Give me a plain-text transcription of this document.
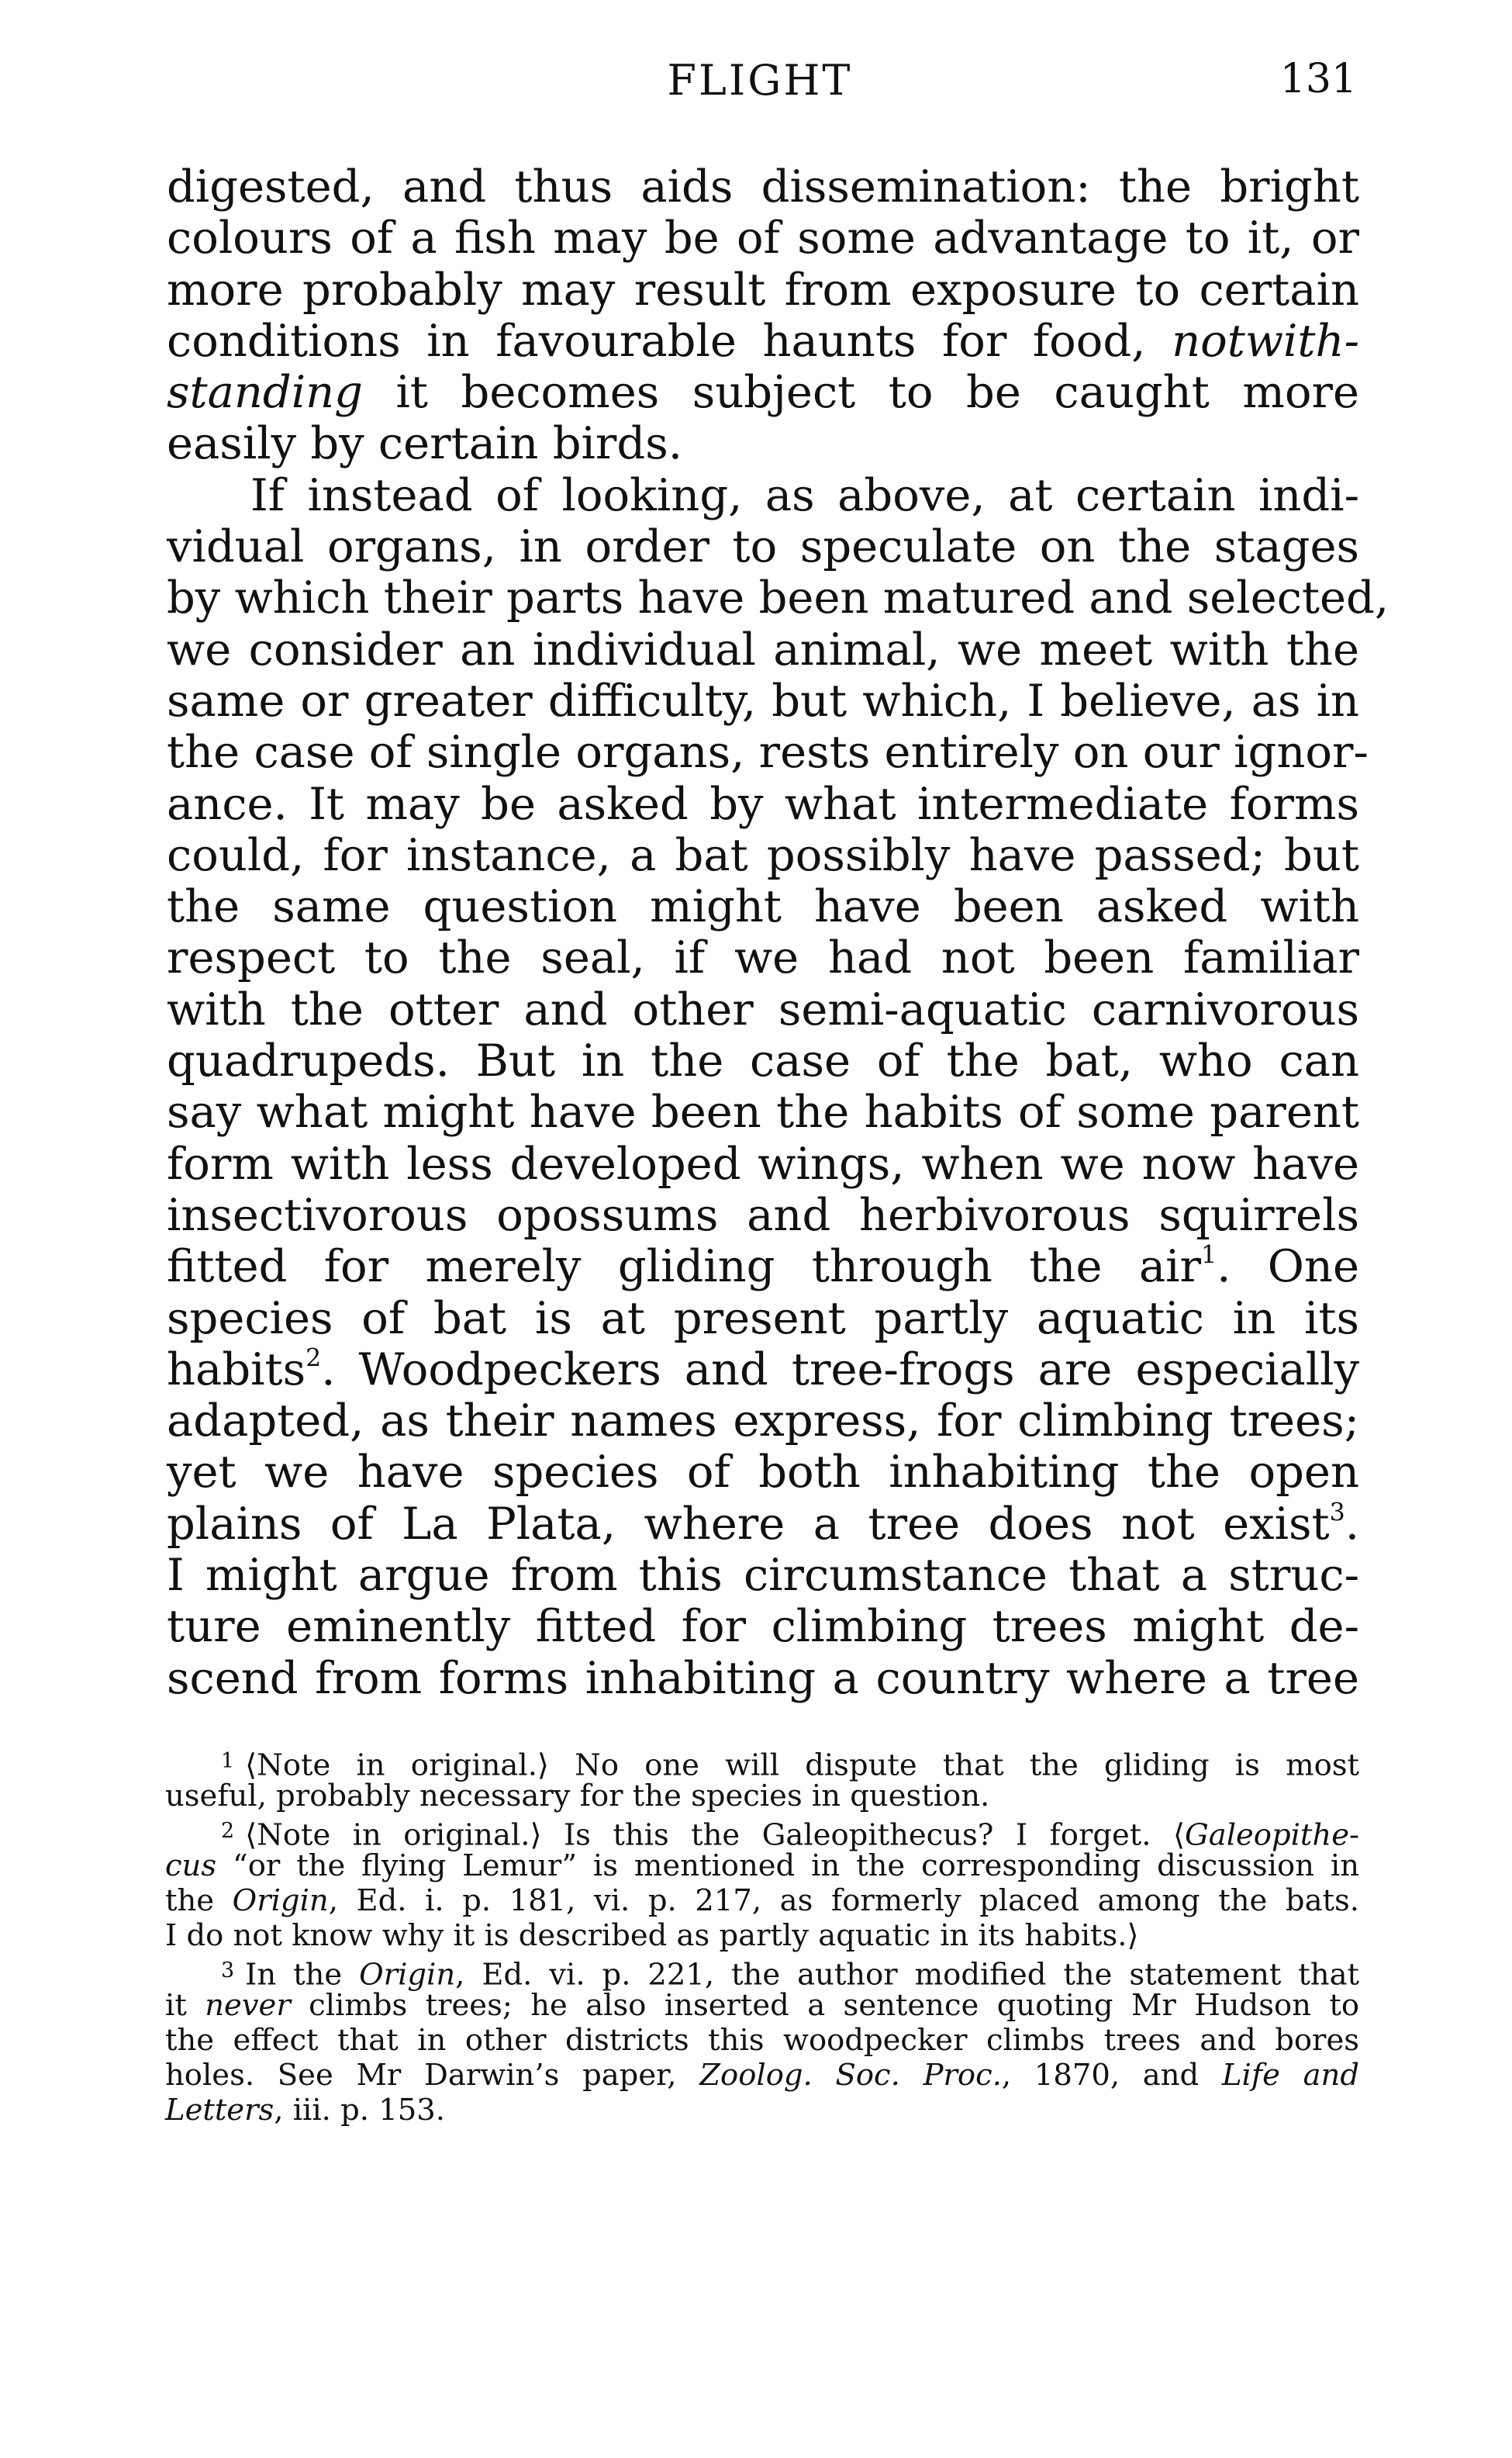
FLIGHT	131
digested, and thus aids dissemination: the bright
colours of a fish may be of some advantage to it, or
more probably may result from exposure to certain
conditions in favourable haunts for food, notwith-
standing it becomes subject to be caught more
easily by certain birds.
If instead of looking, as above, at certain indi-
vidual organs, in order to speculate on the stages
by which their parts have been matured and selected,
we consider an individual animal, we meet with the
same or greater difficulty, but which, I believe, as in
the case of single organs, rests entirely on our ignor-
ance. It may be asked by what intermediate forms
could, for instance, a bat possibly have passed; but
the same question might have been asked with
respect to the seal, if we had not been familiar
with the otter and other semi-aquatic carnivorous
quadrupeds. But in the case of the bat, who can
say what might have been the habits of some parent
form with less developed wings, when we now have
insectivorous opossums and herbivorous squirrels
fitted for merely gliding through the air$^1$. One
species of bat is at present partly aquatic in its
habits$^2$. Woodpeckers and tree-frogs are especially
adapted, as their names express, for climbing trees;
yet we have species of both inhabiting the open
plains of La Plata, where a tree does not exist$^3$.
I might argue from this circumstance that a struc-
ture eminently fitted for climbing trees might de-
scend from forms inhabiting a country where a tree
$^1$ ⟨Note in original.⟩ No one will dispute that the gliding is most
useful, probably necessary for the species in question.
$^2$ ⟨Note in original.⟩ Is this the Galeopithecus? I forget. ⟨Galeopithe-
cus “or the flying Lemur” is mentioned in the corresponding discussion in
the Origin, Ed. i. p. 181, vi. p. 217, as formerly placed among the bats.
I do not know why it is described as partly aquatic in its habits.⟩
$^3$ In the Origin, Ed. vi. p. 221, the author modified the statement that
it never climbs trees; he also inserted a sentence quoting Mr Hudson to
the effect that in other districts this woodpecker climbs trees and bores
holes. See Mr Darwin’s paper, Zoolog. Soc. Proc., 1870, and Life and
Letters, iii. p. 153.
